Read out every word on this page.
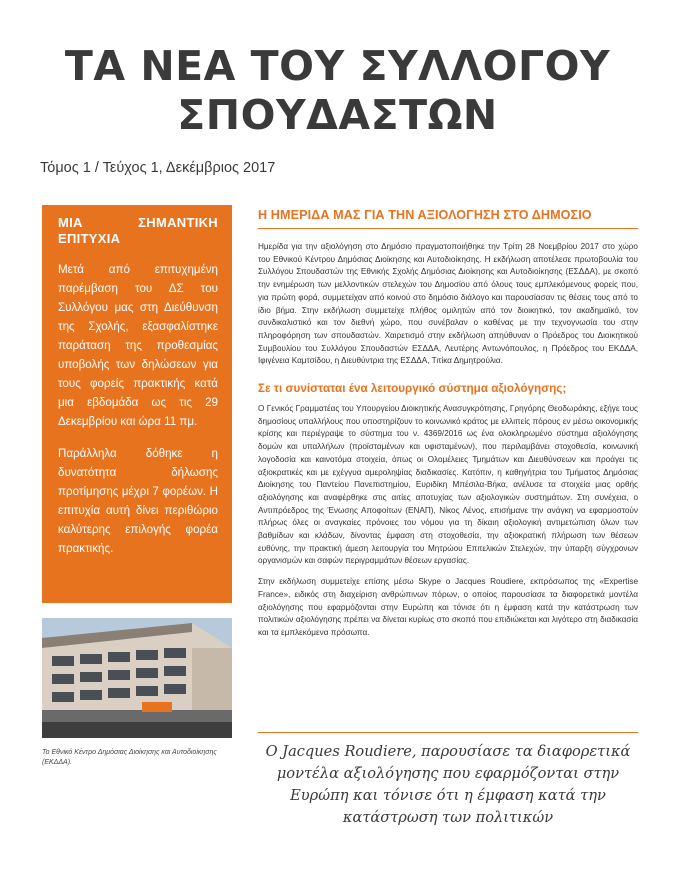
ΤΑ ΝΕΑ ΤΟΥ ΣΥΛΛΟΓΟΥ
ΣΠΟΥΔΑΣΤΩΝ
Τόμος 1 / Τεύχος 1, Δεκέμβριος 2017
ΜΙΑ ΣΗΜΑΝΤΙΚΗ ΕΠΙΤΥΧΙΑ

Μετά από επιτυχημένη παρέμβαση του ΔΣ του Συλλόγου μας στη Διεύθυνση της Σχολής, εξασφαλίστηκε παράταση της προθεσμίας υποβολής των δηλώσεων για τους φορείς πρακτικής κατά μια εβδομάδα ως τις 29 Δεκεμβρίου και ώρα 11 πμ.

Παράλληλα δόθηκε η δυνατότητα δήλωσης προτίμησης μέχρι 7 φορέων. Η επιτυχία αυτή δίνει περιθώριο καλύτερης επιλογής φορέα πρακτικής.

Το Εθνικό Κέντρο Δημόσιας Διοίκησης και Αυτοδιοίκησης (ΕΚΔΔΑ).
Η ΗΜΕΡΙΔΑ ΜΑΣ ΓΙΑ ΤΗΝ ΑΞΙΟΛΟΓΗΣΗ ΣΤΟ ΔΗΜΟΣΙΟ

Ημερίδα για την αξιολόγηση στο Δημόσιο πραγματοποιήθηκε την Τρίτη 28 Νοεμβρίου 2017 στο χώρο του Εθνικού Κέντρου Δημόσιας Διοίκησης και Αυτοδιοίκησης. Η εκδήλωση αποτέλεσε πρωτοβουλία του Συλλόγου Σπουδαστών της Εθνικής Σχολής Δημόσιας Διοίκησης και Αυτοδιοίκησης (ΕΣΔΔΑ), με σκοπό την ενημέρωση των μελλοντικών στελεχών του Δημοσίου από όλους τους εμπλεκόμενους φορείς που, για πρώτη φορά, συμμετείχαν από κοινού στο δημόσιο διάλογο και παρουσίασαν τις θέσεις τους από το ίδιο βήμα. Στην εκδήλωση συμμετείχε πλήθος ομιλητών από τον διοικητικό, τον ακαδημαϊκό, τον συνδικαλιστικό και τον διεθνή χώρο, που συνέβαλαν ο καθένας με την τεχνογνωσία του στην πληροφόρηση των σπουδαστών. Χαιρετισμό στην εκδήλωση απηύθυναν ο Πρόεδρος του Διοικητικού Συμβουλίου του Συλλόγου Σπουδαστών ΕΣΔΔΑ, Λευτέρης Αντωνόπουλος, η Πρόεδρος του ΕΚΔΔΑ, Ιφιγένεια Καμτσίδου, η Διευθύντρια της ΕΣΔΔΑ, Τιτίκα Δημητρούλια.

Σε τι συνίσταται ένα λειτουργικό σύστημα αξιολόγησης;

Ο Γενικός Γραμματέας του Υπουργείου Διοικητικής Ανασυγκρότησης, Γρηγόρης Θεοδωράκης, εξήγε τους δημοσίους υπαλλήλους που υποστηρίζουν το κοινωνικό κράτος με ελλιπείς πόρους εν μέσω οικονομικής κρίσης και περιέγραψε το σύστημα του ν. 4369/2016 ως ένα ολοκληρωμένο σύστημα αξιολόγησης δομών και υπαλλήλων (προϊσταμένων και υφισταμένων), που περιλαμβάνει στοχοθεσία, κοινωνική λογοδοσία και καινοτόμα στοιχεία, όπως οι Ολομέλειες Τμημάτων και Διευθύνσεων και προάγει τις αξιοκρατικές και με εχέγγυα αμεροληψίας διαδικασίες. Κατόπιν, η καθηγήτρια του Τμήματος Δημόσιας Διοίκησης του Παντείου Πανεπιστημίου, Ευριδίκη Μπέσιλα-Βήκα, ανέλυσε τα στοιχεία μιας ορθής αξιολόγησης και αναφέρθηκε στις αιτίες αποτυχίας των αξιολογικών συστημάτων. Στη συνέχεια, ο Αντιπρόεδρος της Ένωσης Αποφοίτων (ΕΝΑΠ), Νίκος Λένος, επισήμανε την ανάγκη να εφαρμοστούν πλήρως όλες οι αναγκαίες πρόνοιες του νόμου για τη δίκαιη αξιολογική αντιμετώπιση όλων των βαθμίδων και κλάδων, δίνοντας έμφαση στη στοχοθεσία, την αξιοκρατική πλήρωση των θέσεων ευθύνης, την πρακτική άμεση λειτουργία του Μητρώου Επιτελικών Στελεχών, την ύπαρξη σύγχρονων οργανισμών και σαφών περιγραμμάτων θέσεων εργασίας.

Στην εκδήλωση συμμετείχε επίσης μέσω Skype ο Jacques Roudiere, εκπρόσωπος της «Expertise France», ειδικός στη διαχείριση ανθρώπινων πόρων, ο οποίος παρουσίασε τα διαφορετικά μοντέλα αξιολόγησης που εφαρμόζονται στην Ευρώπη και τόνισε ότι η έμφαση κατά την κατάστρωση των πολιτικών αξιολόγησης πρέπει να δίνεται κυρίως στο σκοπό που επιδιώκεται και λιγότερο στη διαδικασία και τα εμπλεκόμενα πρόσωπα.

O Jacques Roudiere, παρουσίασε τα διαφορετικά μοντέλα αξιολόγησης που εφαρμόζονται στην Ευρώπη και τόνισε ότι η έμφαση κατά την κατάστρωση των πολιτικών
